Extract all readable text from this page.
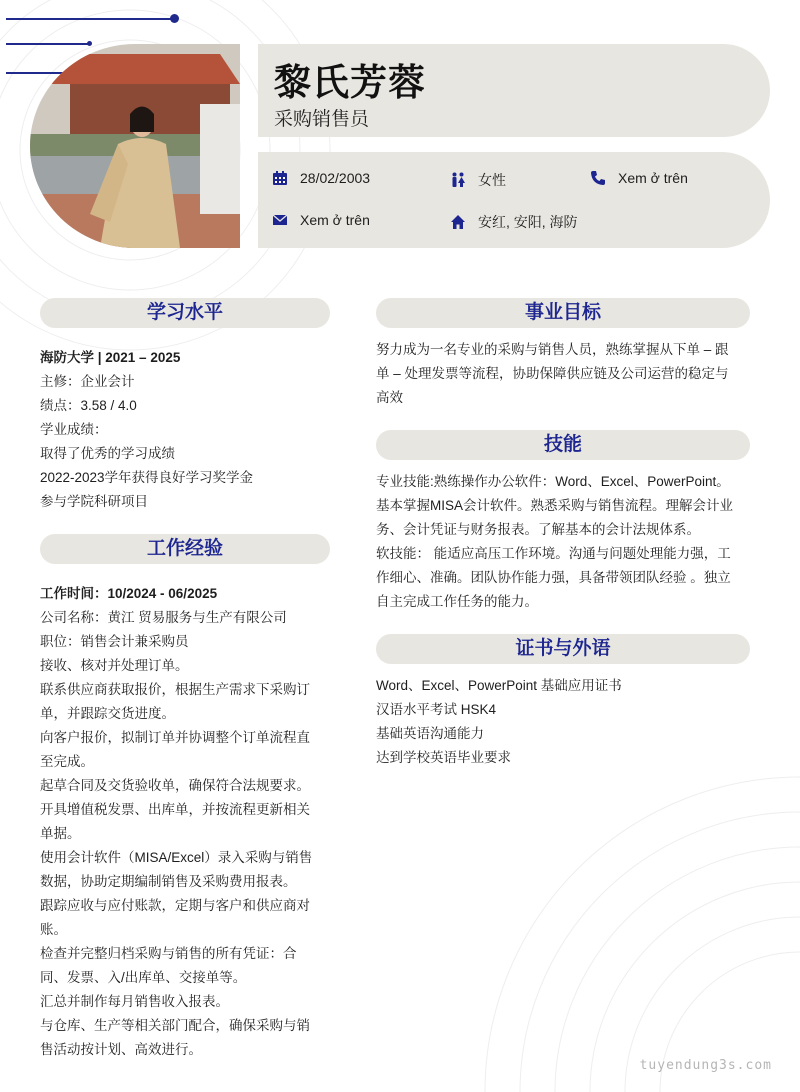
黎氏芳蓉
采购销售员
28/02/2003	女性	Xem ở trên
Xem ở trên	安红, 安阳, 海防
学习水平
海防大学 | 2021 – 2025
主修：企业会计
绩点：3.58 / 4.0
学业成绩：
取得了优秀的学习成绩
2022-2023学年获得良好学习奖学金
参与学院科研项目
工作经验
工作时间：10/2024 - 06/2025
公司名称：黄江 贸易服务与生产有限公司
职位：销售会计兼采购员
接收、核对并处理订单。
联系供应商获取报价，根据生产需求下采购订
单，并跟踪交货进度。
向客户报价，拟制订单并协调整个订单流程直
至完成。
起草合同及交货验收单，确保符合法规要求。
开具增值税发票、出库单，并按流程更新相关
单据。
使用会计软件（MISA/Excel）录入采购与销售
数据，协助定期编制销售及采购费用报表。
跟踪应收与应付账款，定期与客户和供应商对
账。
检查并完整归档采购与销售的所有凭证：合
同、发票、入/出库单、交接单等。
汇总并制作每月销售收入报表。
与仓库、生产等相关部门配合，确保采购与销
售活动按计划、高效进行。
事业目标
努力成为一名专业的采购与销售人员，熟练掌握从下单 – 跟
单 – 处理发票等流程，协助保障供应链及公司运营的稳定与
高效
技能
专业技能:熟练操作办公软件：Word、Excel、PowerPoint。
基本掌握MISA会计软件。熟悉采购与销售流程。理解会计业
务、会计凭证与财务报表。了解基本的会计法规体系。
软技能： 能适应高压工作环境。沟通与问题处理能力强，工
作细心、准确。团队协作能力强，具备带领团队经验 。独立
自主完成工作任务的能力。
证书与外语
Word、Excel、PowerPoint 基础应用证书
汉语水平考试 HSK4
基础英语沟通能力
达到学校英语毕业要求
tuyendung3s.com
